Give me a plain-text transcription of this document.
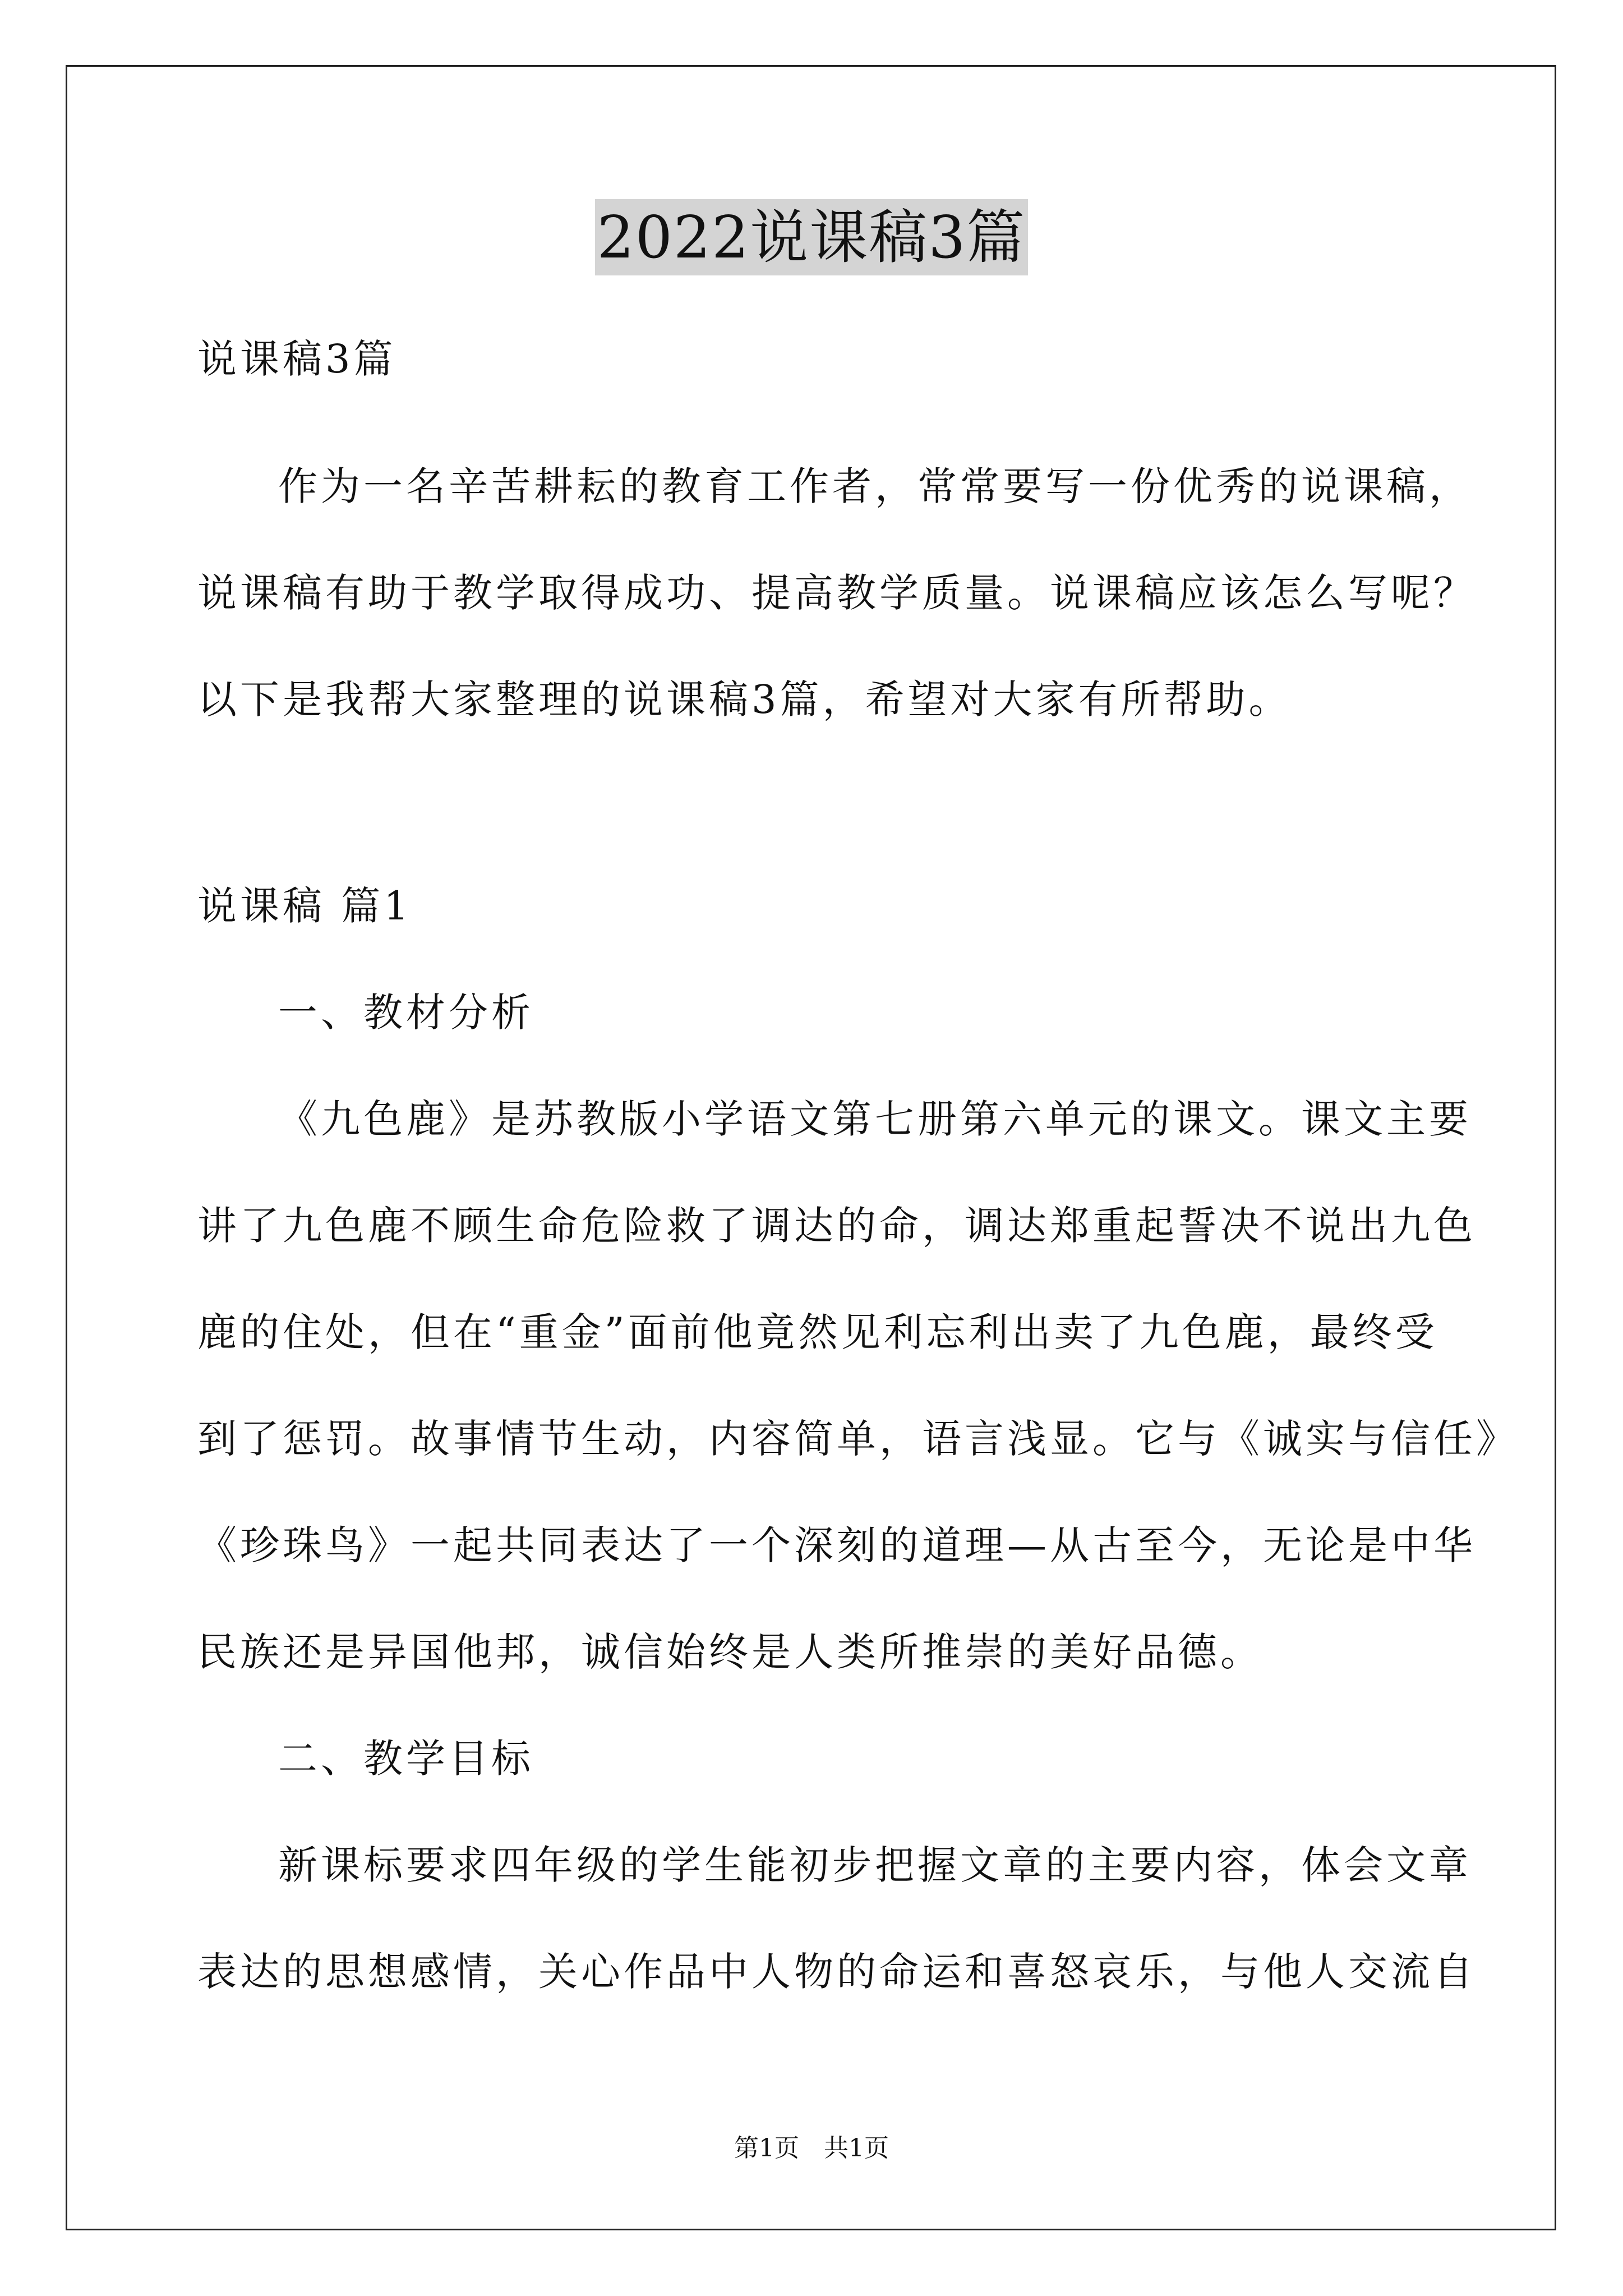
2022说课稿3篇
说课稿3篇
作为一名辛苦耕耘的教育工作者，常常要写一份优秀的说课稿，
说课稿有助于教学取得成功、提高教学质量。说课稿应该怎么写呢？
以下是我帮大家整理的说课稿3篇，希望对大家有所帮助。
说课稿 篇1
一、教材分析
《九色鹿》是苏教版小学语文第七册第六单元的课文。课文主要
讲了九色鹿不顾生命危险救了调达的命，调达郑重起誓决不说出九色
鹿的住处，但在“重金”面前他竟然见利忘利出卖了九色鹿，最终受
到了惩罚。故事情节生动，内容简单，语言浅显。它与《诚实与信任》
《珍珠鸟》一起共同表达了一个深刻的道理—从古至今，无论是中华
民族还是异国他邦，诚信始终是人类所推崇的美好品德。
二、教学目标
新课标要求四年级的学生能初步把握文章的主要内容，体会文章
表达的思想感情，关心作品中人物的命运和喜怒哀乐，与他人交流自
第1页　共1页
